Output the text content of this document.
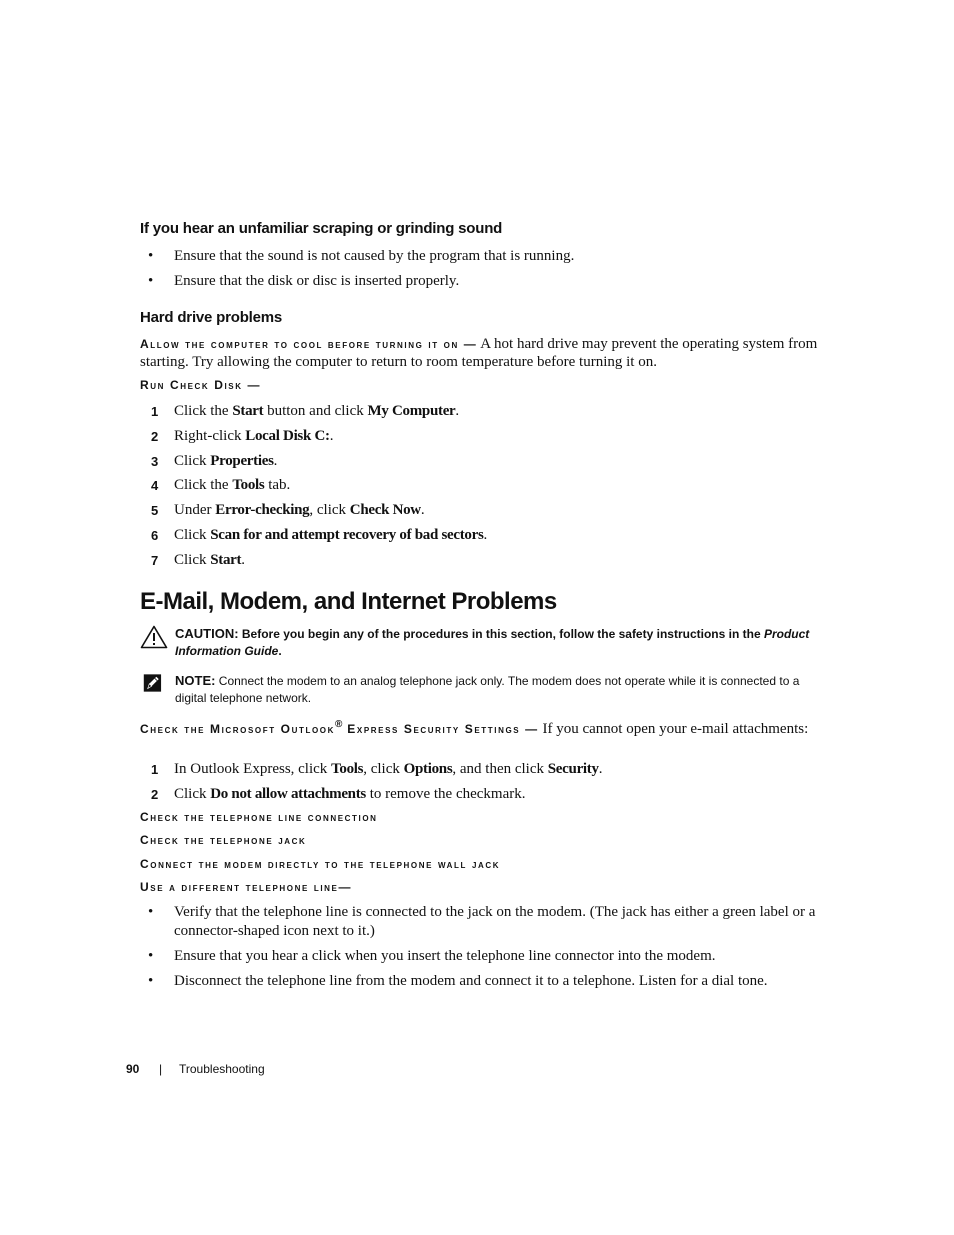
If you hear an unfamiliar scraping or grinding sound
• Ensure that the sound is not caused by the program that is running.
• Ensure that the disk or disc is inserted properly.
Hard drive problems

Allow the computer to cool before turning it on — A hot hard drive may prevent the operating system from starting. Try allowing the computer to return to room temperature before turning it on.

Run Check Disk —

1 Click the Start button and click My Computer.
2 Right-click Local Disk C:.
3 Click Properties.
4 Click the Tools tab.
5 Under Error-checking, click Check Now.
6 Click Scan for and attempt recovery of bad sectors.
7 Click Start.
E-Mail, Modem, and Internet Problems
CAUTION: Before you begin any of the procedures in this section, follow the safety instructions in the Product Information Guide.
NOTE: Connect the modem to an analog telephone jack only. The modem does not operate while it is connected to a digital telephone network.

Check the Microsoft Outlook® Express Security Settings — If you cannot open your e-mail attachments:

1 In Outlook Express, click Tools, click Options, and then click Security.
2 Click Do not allow attachments to remove the checkmark.

Check the telephone line connection

Check the telephone jack

Connect the modem directly to the telephone wall jack

Use a different telephone line—

• Verify that the telephone line is connected to the jack on the modem. (The jack has either a green label or a connector-shaped icon next to it.)
• Ensure that you hear a click when you insert the telephone line connector into the modem.
• Disconnect the telephone line from the modem and connect it to a telephone. Listen for a dial tone.
90 | Troubleshooting
